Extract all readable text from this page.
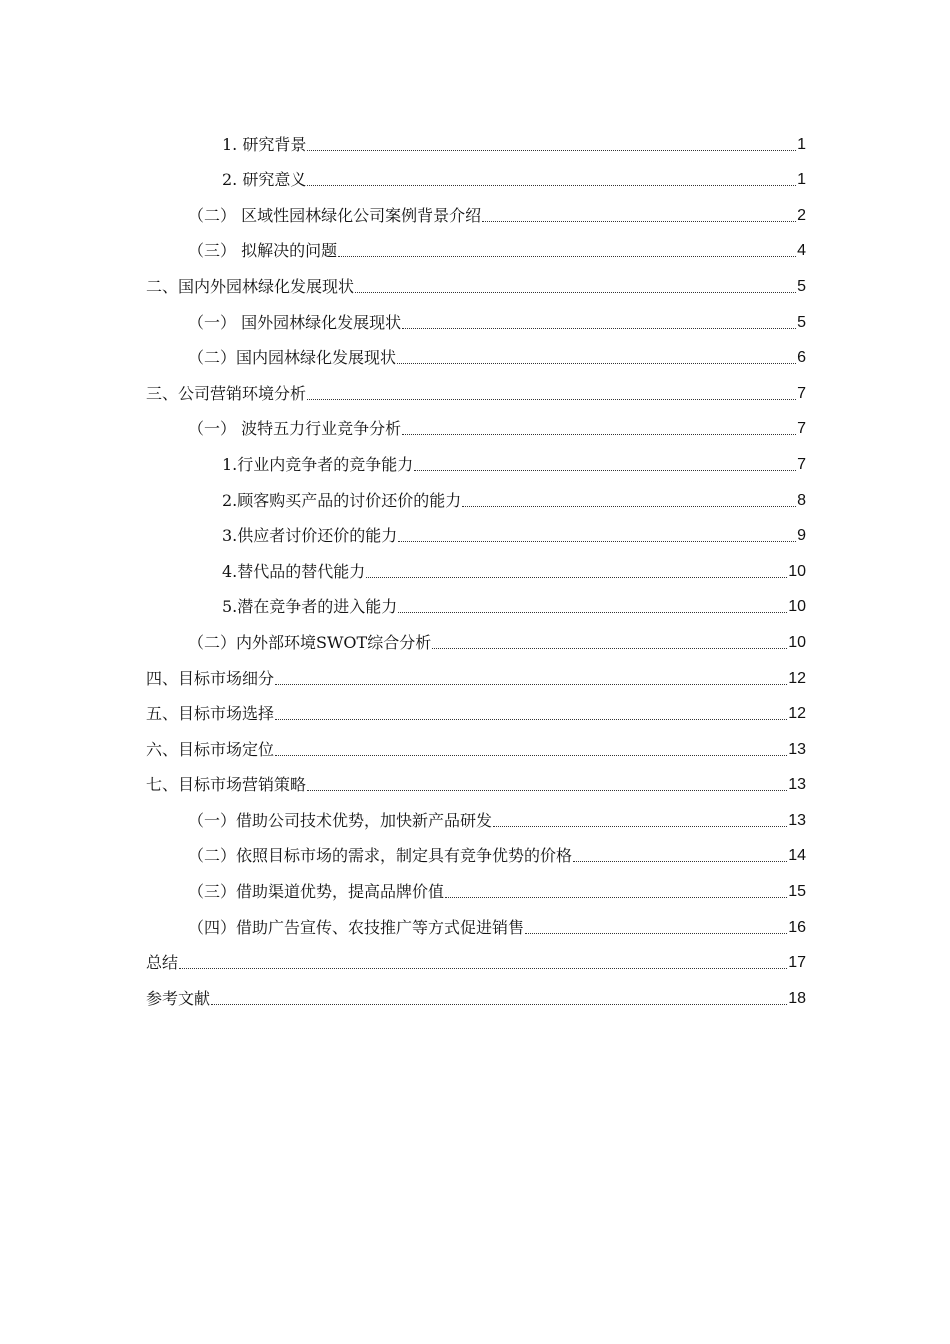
1. 研究背景	1
2. 研究意义	1
（二） 区域性园林绿化公司案例背景介绍	2
（三） 拟解决的问题	4
二、国内外园林绿化发展现状	5
（一） 国外园林绿化发展现状	5
（二）国内园林绿化发展现状	6
三、公司营销环境分析	7
（一） 波特五力行业竞争分析	7
1.行业内竞争者的竞争能力	7
2.顾客购买产品的讨价还价的能力	8
3.供应者讨价还价的能力	9
4.替代品的替代能力	10
5.潜在竞争者的进入能力	10
（二）内外部环境SWOT综合分析	10
四、目标市场细分	12
五、目标市场选择	12
六、目标市场定位	13
七、目标市场营销策略	13
（一）借助公司技术优势，加快新产品研发	13
（二）依照目标市场的需求，制定具有竞争优势的价格	14
（三）借助渠道优势，提高品牌价值	15
（四）借助广告宣传、农技推广等方式促进销售	16
总结	17
参考文献	18
